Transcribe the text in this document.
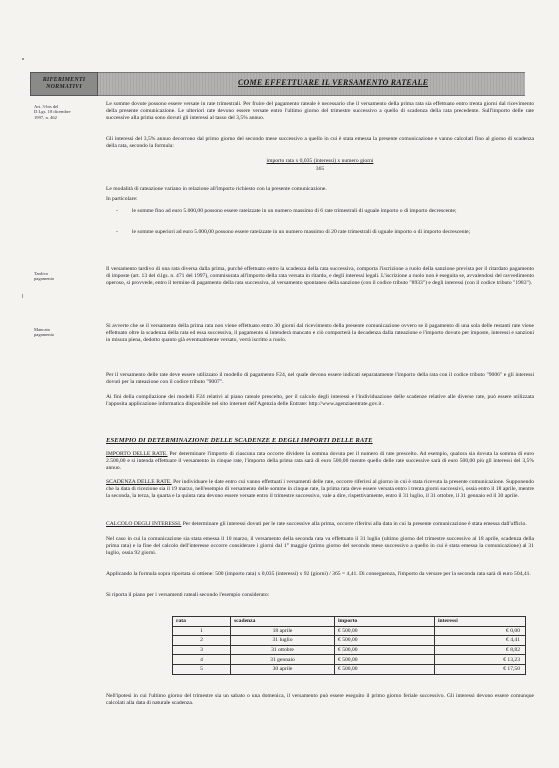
RIFERIMENTI
NORMATIVI	COME EFFETTUARE IL VERSAMENTO RATEALE
Art. 3-bis del
D.Lgs. 18 dicembre
1997, n. 462
Tardivo
pagamento
Mancato
pagamento
Le somme dovute possono essere versate in rate trimestrali. Per fruire del pagamento rateale è necessario che il versamento della prima rata sia effettuato entro trenta giorni dal ricevimento della presente comunicazione. Le ulteriori rate devono essere versate entro l'ultimo giorno del trimestre successivo a quello di scadenza della rata precedente. Sull'importo delle rate successive alla prima sono dovuti gli interessi al tasso del 3,5% annuo.
Gli interessi del 3,5% annuo decorrono dal primo giorno del secondo mese successivo a quello in cui è stata emessa la presente comunicazione e vanno calcolati fino al giorno di scadenza della rata, secondo la formula:
importo rata x 0,035 (interessi) x numero giorni
365
Le modalità di rateazione variano in relazione all'importo richiesto con la presente comunicazione.
In particolare:
-	le somme fino ad euro 5.000,00 possono essere rateizzate in un numero massimo di 6 rate trimestrali di uguale importo o di importo decrescente;
-	le somme superiori ad euro 5.000,00 possono essere rateizzate in un numero massimo di 20 rate trimestrali di uguale importo o di importo decrescente;
Il versamento tardivo di una rata diversa dalla prima, purché effettuato entro la scadenza della rata successiva, comporta l'iscrizione a ruolo della sanzione prevista per il ritardato pagamento di imposte (art. 13 del d.lgs. n. 471 del 1997), commisurata all'importo della rata versata in ritardo, e degli interessi legali. L'iscrizione a ruolo non è eseguita se, avvalendosi del ravvedimento operoso, si provvede, entro il termine di pagamento della rata successiva, al versamento spontaneo della sanzione (con il codice tributo "8933") e degli interessi (con il codice tributo "1983").
Si avverte che se il versamento della prima rata non viene effettuato entro 30 giorni dal ricevimento della presente comunicazione ovvero se il pagamento di una sola delle restanti rate viene effettuato oltre la scadenza della rata ed essa successiva, il pagamento si intenderà mancato e ciò comporterà la decadenza dalla rateazione e l'importo dovuto per imposte, interessi e sanzioni in misura piena, dedotto quanto già eventualmente versato, verrà iscritto a ruolo.
Per il versamento delle rate deve essere utilizzato il modello di pagamento F24, nel quale devono essere indicati separatamente l'importo della rata con il codice tributo "9006" e gli interessi dovuti per la rateazione con il codice tributo "9007".
Ai fini della compilazione dei modelli F24 relativi al piano rateale prescelto, per il calcolo degli interessi e l'individuazione delle scadenze relative alle diverse rate, può essere utilizzata l'apposita applicazione informatica disponibile nel sito internet dell'Agenzia delle Entrate: http://www.agenziaentrate.gov.it .
ESEMPIO DI DETERMINAZIONE DELLE SCADENZE E DEGLI IMPORTI DELLE RATE
IMPORTO DELLE RATE. Per determinare l'importo di ciascuna rata occorre dividere la somma dovuta per il numero di rate prescelto. Ad esempio, qualora sia dovuta la somma di euro 2.500,00 e si intenda effettuare il versamento in cinque rate, l'importo della prima rata sarà di euro 500,00 mentre quello delle rate successive sarà di euro 500,00 più gli interessi del 3,5% annuo.
SCADENZA DELLE RATE. Per individuare le date entro cui vanno effettuati i versamenti delle rate, occorre riferirsi al giorno in cui è stata ricevuta la presente comunicazione. Supponendo che la data di ricezione sia il 19 marzo, nell'esempio di versamento delle somme in cinque rate, la prima rata deve essere versata entro i trenta giorni successivi, ossia entro il 18 aprile, mentre la seconda, la terza, la quarta e la quinta rata devono essere versate entro il trimestre successivo, vale a dire, rispettivamente, entro il 31 luglio, il 31 ottobre, il 31 gennaio ed il 30 aprile.
CALCOLO DEGLI INTERESSI. Per determinare gli interessi dovuti per le rate successive alla prima, occorre riferirsi alla data in cui la presente comunicazione è stata emessa dall'ufficio.
Nel caso in cui la comunicazione sia stata emessa il 10 marzo, il versamento della seconda rata va effettuato il 31 luglio (ultimo giorno del trimestre successivo al 18 aprile, scadenza della prima rata) e la fine del calcolo dell'interesse occorre considerare i giorni dal 1° maggio (primo giorno del secondo mese successivo a quello in cui è stata emessa la comunicazione) al 31 luglio, ossia 92 giorni.
Applicando la formula sopra riportata si ottiene: 500 (importo rata) x 0,035 (interessi) x 92 (giorni) / 365 = 4,41. Di conseguenza, l'importo da versare per la seconda rata sarà di euro 504,41.
Si riporta il piano per i versamenti rateali secondo l'esempio considerato:
rata	scadenza	importo	interessi
1	18 aprile	€ 500,00	€ 0,00
2	31 luglio	€ 500,00	€ 4,41
3	31 ottobre	€ 500,00	€ 8,82
4	31 gennaio	€ 500,00	€ 13,23
5	30 aprile	€ 500,00	€ 17,50
Nell'ipotesi in cui l'ultimo giorno del trimestre sia un sabato o una domenica, il versamento può essere eseguito il primo giorno feriale successivo. Gli interessi devono essere comunque calcolati alla data di naturale scadenza.
